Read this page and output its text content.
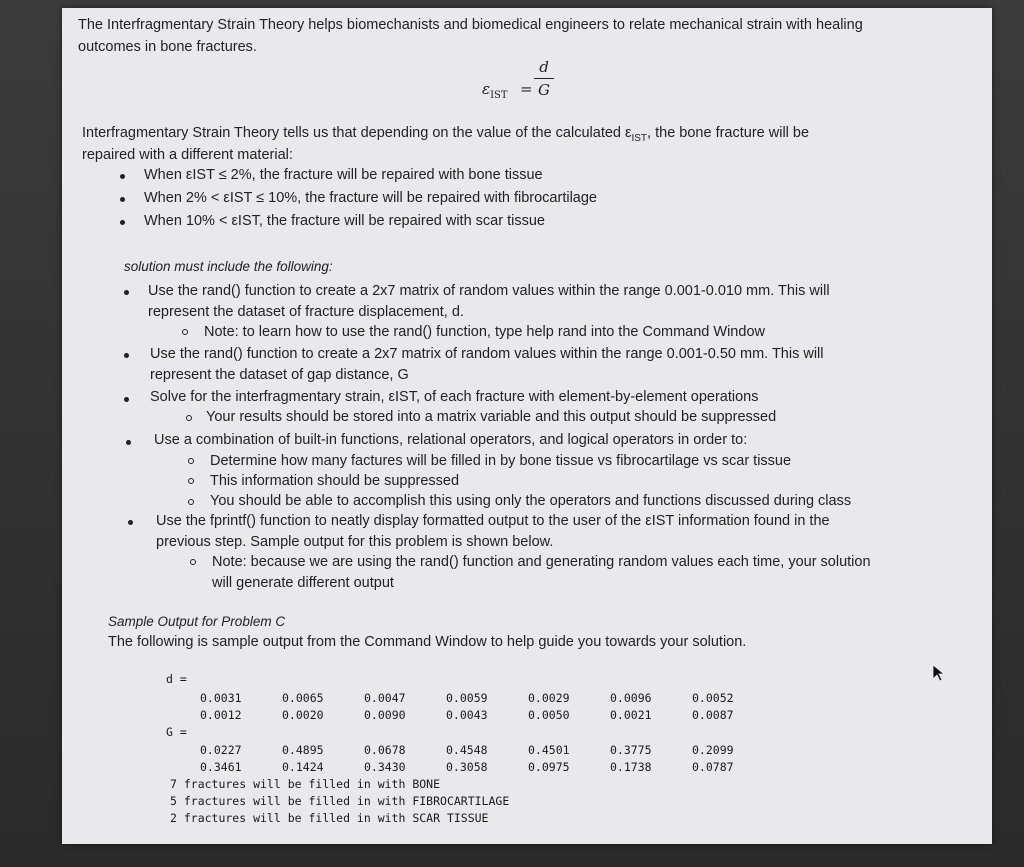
The Interfragmentary Strain Theory helps biomechanists and biomedical engineers to relate mechanical strain with healing
outcomes in bone fractures.
$\varepsilon_{IST}$ =
d
G
Interfragmentary Strain Theory tells us that depending on the value of the calculated $\varepsilon_{IST}$, the bone fracture will be
repaired with a different material:
When εIST ≤ 2%, the fracture will be repaired with bone tissue
When 2% < εIST ≤ 10%, the fracture will be repaired with fibrocartilage
When 10% < εIST, the fracture will be repaired with scar tissue
solution must include the following:
Use the rand() function to create a 2x7 matrix of random values within the range 0.001-0.010 mm. This will
represent the dataset of fracture displacement, d.
Note: to learn how to use the rand() function, type help rand into the Command Window
Use the rand() function to create a 2x7 matrix of random values within the range 0.001-0.50 mm. This will
represent the dataset of gap distance, G
Solve for the interfragmentary strain, εIST, of each fracture with element-by-element operations
Your results should be stored into a matrix variable and this output should be suppressed
Use a combination of built-in functions, relational operators, and logical operators in order to:
Determine how many factures will be filled in by bone tissue vs fibrocartilage vs scar tissue
This information should be suppressed
You should be able to accomplish this using only the operators and functions discussed during class
Use the fprintf() function to neatly display formatted output to the user of the εIST information found in the
previous step. Sample output for this problem is shown below.
Note: because we are using the rand() function and generating random values each time, your solution
will generate different output
Sample Output for Problem C
The following is sample output from the Command Window to help guide you towards your solution.
d =
G =
7 fractures will be filled in with BONE
5 fractures will be filled in with FIBROCARTILAGE
2 fractures will be filled in with SCAR TISSUE
0.0031	0.0065	0.0047	0.0059	0.0029	0.0096	0.0052
0.0012	0.0020	0.0090	0.0043	0.0050	0.0021	0.0087
0.0227	0.4895	0.0678	0.4548	0.4501	0.3775	0.2099
0.3461	0.1424	0.3430	0.3058	0.0975	0.1738	0.0787
